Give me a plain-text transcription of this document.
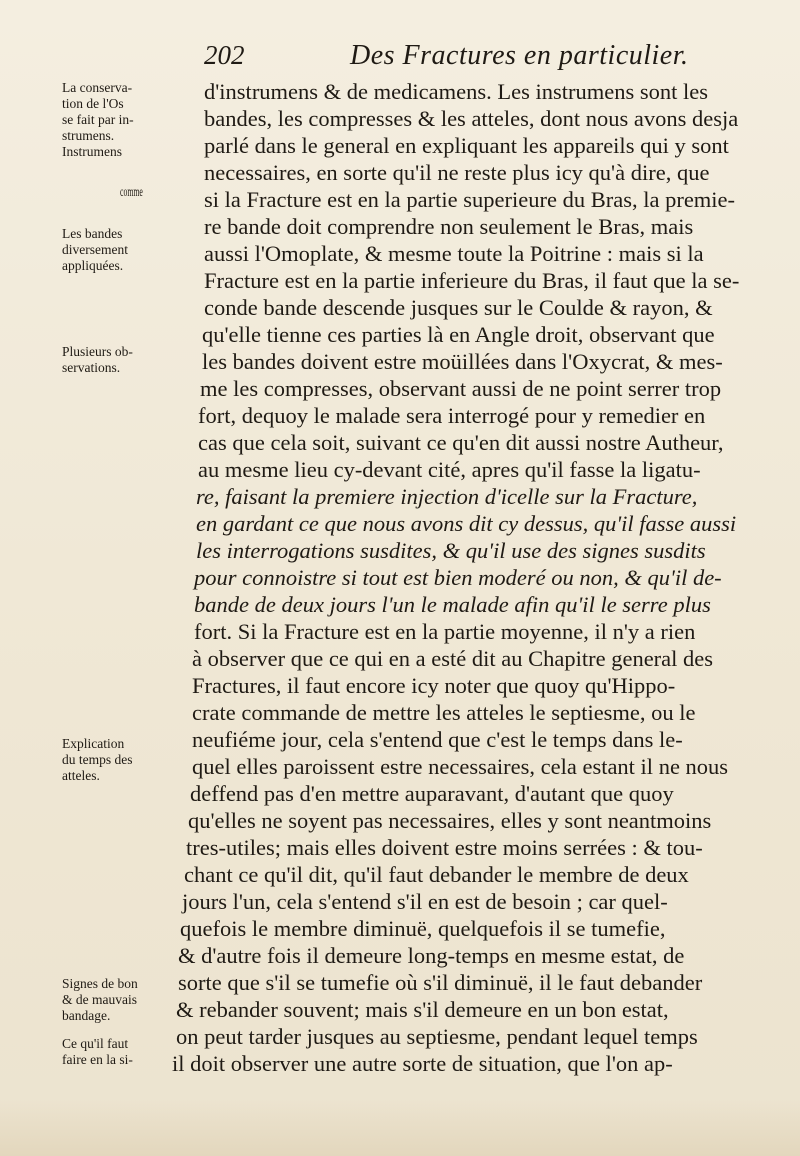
202	Des Fractures en particulier.
La conserva-
tion de l'Os
se fait par in-
strumens.
Instrumens
comme
Les bandes
diversement
appliquées.
Plusieurs ob-
servations.
Explication
du temps des
atteles.
Signes de bon
& de mauvais
bandage.
Ce qu'il faut
faire en la si-
d'instrumens & de medicamens. Les instrumens sont les
bandes, les compresses & les atteles, dont nous avons desja
parlé dans le general en expliquant les appareils qui y sont
necessaires, en sorte qu'il ne reste plus icy qu'à dire, que
si la Fracture est en la partie superieure du Bras, la premie-
re bande doit comprendre non seulement le Bras, mais
aussi l'Omoplate, & mesme toute la Poitrine : mais si la
Fracture est en la partie inferieure du Bras, il faut que la se-
conde bande descende jusques sur le Coulde & rayon, &
qu'elle tienne ces parties là en Angle droit, observant que
les bandes doivent estre moüillées dans l'Oxycrat, & mes-
me les compresses, observant aussi de ne point serrer trop
fort, dequoy le malade sera interrogé pour y remedier en
cas que cela soit, suivant ce qu'en dit aussi nostre Autheur,
au mesme lieu cy-devant cité, apres qu'il fasse la ligatu-
re, faisant la premiere injection d'icelle sur la Fracture,
en gardant ce que nous avons dit cy dessus, qu'il fasse aussi
les interrogations susdites, & qu'il use des signes susdits
pour connoistre si tout est bien moderé ou non, & qu'il de-
bande de deux jours l'un le malade afin qu'il le serre plus
fort. Si la Fracture est en la partie moyenne, il n'y a rien
à observer que ce qui en a esté dit au Chapitre general des
Fractures, il faut encore icy noter que quoy qu'Hippo-
crate commande de mettre les atteles le septiesme, ou le
neufiéme jour, cela s'entend que c'est le temps dans le-
quel elles paroissent estre necessaires, cela estant il ne nous
deffend pas d'en mettre auparavant, d'autant que quoy
qu'elles ne soyent pas necessaires, elles y sont neantmoins
tres-utiles; mais elles doivent estre moins serrées : & tou-
chant ce qu'il dit, qu'il faut debander le membre de deux
jours l'un, cela s'entend s'il en est de besoin ; car quel-
quefois le membre diminuë, quelquefois il se tumefie,
& d'autre fois il demeure long-temps en mesme estat, de
sorte que s'il se tumefie où s'il diminuë, il le faut debander
& rebander souvent; mais s'il demeure en un bon estat,
on peut tarder jusques au septiesme, pendant lequel temps
il doit observer une autre sorte de situation, que l'on ap-
